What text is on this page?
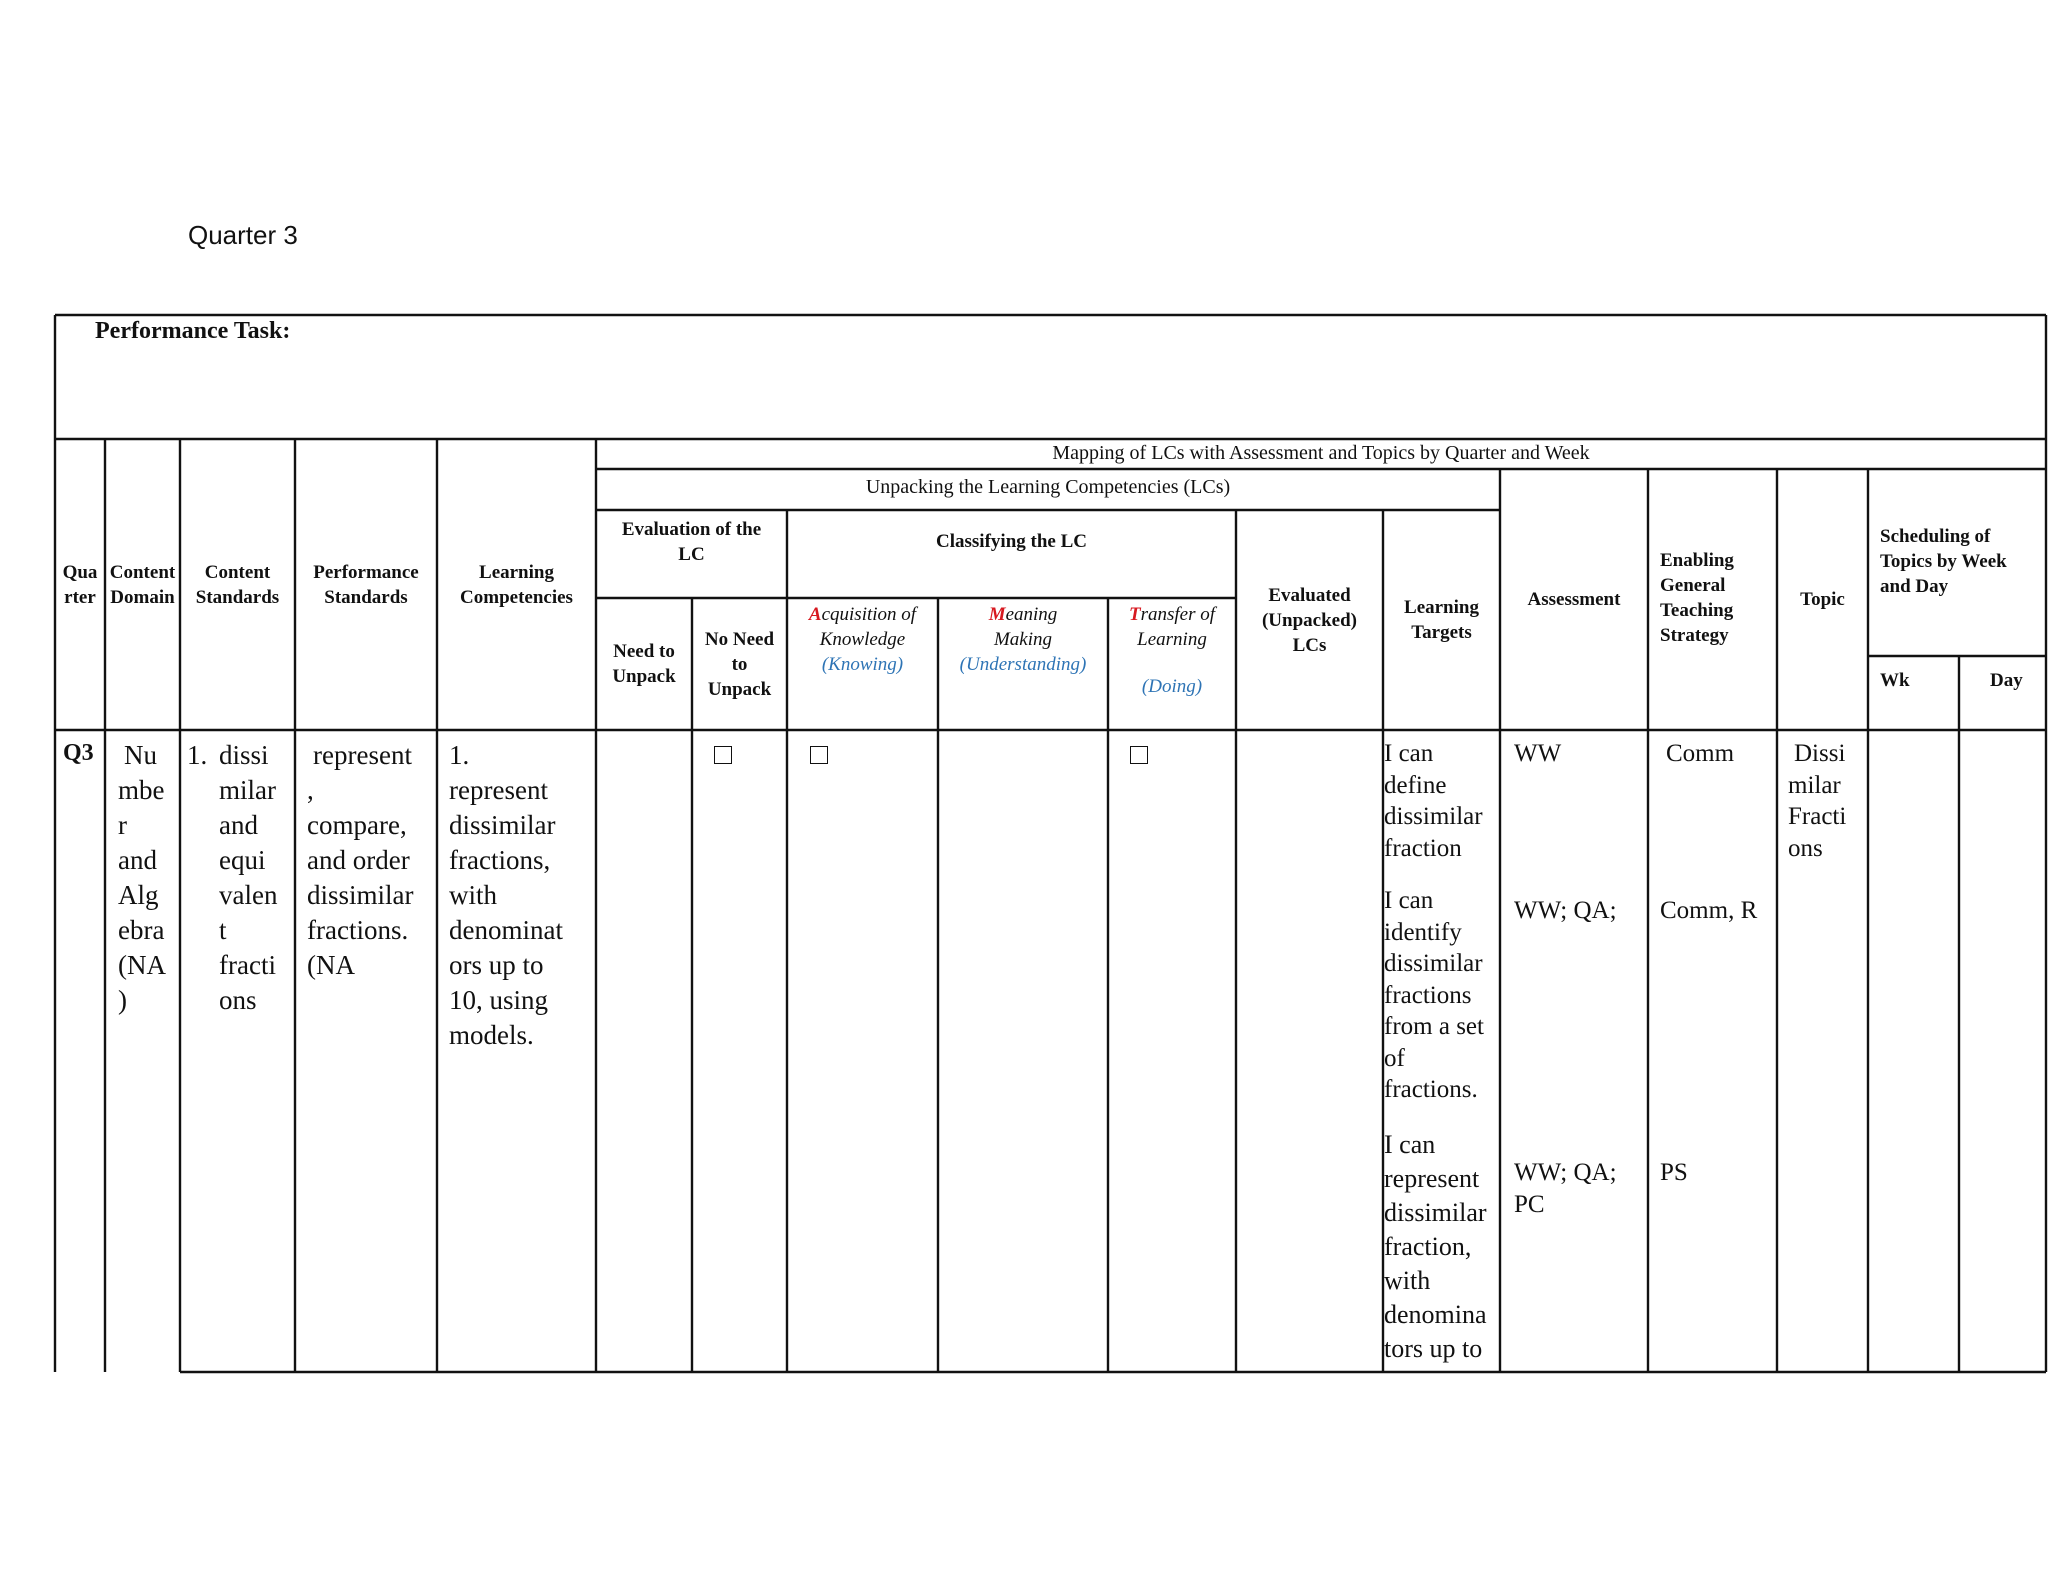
Quarter 3
Performance Task:
Mapping of LCs with Assessment and Topics by Quarter and Week
Unpacking the Learning Competencies (LCs)
Qua
rter
Content
Domain
Content
Standards
Performance
Standards
Learning
Competencies
Evaluation of the
LC
Classifying the LC
Need to
Unpack
No Need
to
Unpack
Acquisition of
Knowledge
(Knowing)
Meaning
Making
(Understanding)
Transfer of
Learning
(Doing)
Evaluated
(Unpacked)
LCs
Learning
Targets
Assessment
Enabling
General
Teaching
Strategy
Topic
Scheduling of
Topics by Week
and Day
Wk	Day
Q3 Nu
mbe
r
and
Alg
ebra
(NA
)
1. dissi
milar
and
equi
valen
t
fracti
ons
represent
,
compare,
and order
dissimilar
fractions.
(NA
1.
represent
dissimilar
fractions,
with
denominat
ors up to
10, using
models.
I can
define
dissimilar
fraction
I can
identify
dissimilar
fractions
from a set
of
fractions.
I can
represent
dissimilar
fraction,
with
denomina
tors up to
WW
WW; QA;
WW; QA;
PC
Comm
Comm, R
PS
Dissi
milar
Fracti
ons
